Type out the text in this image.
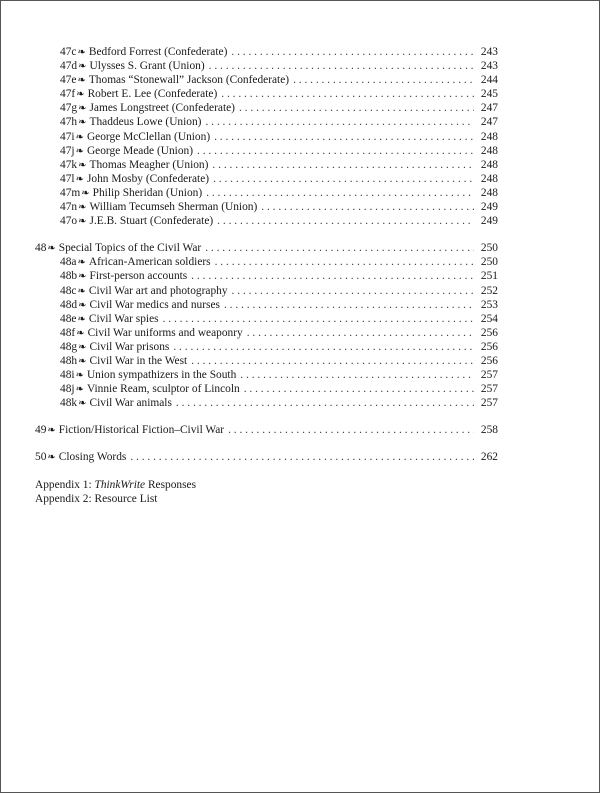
47c ❧ Bedford Forrest (Confederate) . . .	243
47d ❧ Ulysses S. Grant (Union) . . .	243
47e ❧ Thomas “Stonewall” Jackson (Confederate) . . .	244
47f ❧ Robert E. Lee (Confederate) . . .	245
47g ❧ James Longstreet (Confederate) . . .	247
47h ❧ Thaddeus Lowe (Union) . . .	247
47i ❧ George McClellan (Union) . . .	248
47j ❧ George Meade (Union) . . .	248
47k ❧ Thomas Meagher (Union) . . .	248
47l ❧ John Mosby (Confederate) . . .	248
47m ❧ Philip Sheridan (Union) . . .	248
47n ❧ William Tecumseh Sherman (Union) . . .	249
47o ❧ J.E.B. Stuart (Confederate) . . .	249
48 ❧ Special Topics of the Civil War . . .	250
48a ❧ African-American soldiers . . .	250
48b ❧ First-person accounts . . .	251
48c ❧ Civil War art and photography . . .	252
48d ❧ Civil War medics and nurses . . .	253
48e ❧ Civil War spies . . .	254
48f ❧ Civil War uniforms and weaponry . . .	256
48g ❧ Civil War prisons . . .	256
48h ❧ Civil War in the West . . .	256
48i ❧ Union sympathizers in the South . . .	257
48j ❧ Vinnie Ream, sculptor of Lincoln . . .	257
48k ❧ Civil War animals . . .	257
49 ❧ Fiction/Historical Fiction–Civil War . . .	258
50 ❧ Closing Words . . .	262
Appendix 1: ThinkWrite Responses
Appendix 2: Resource List
